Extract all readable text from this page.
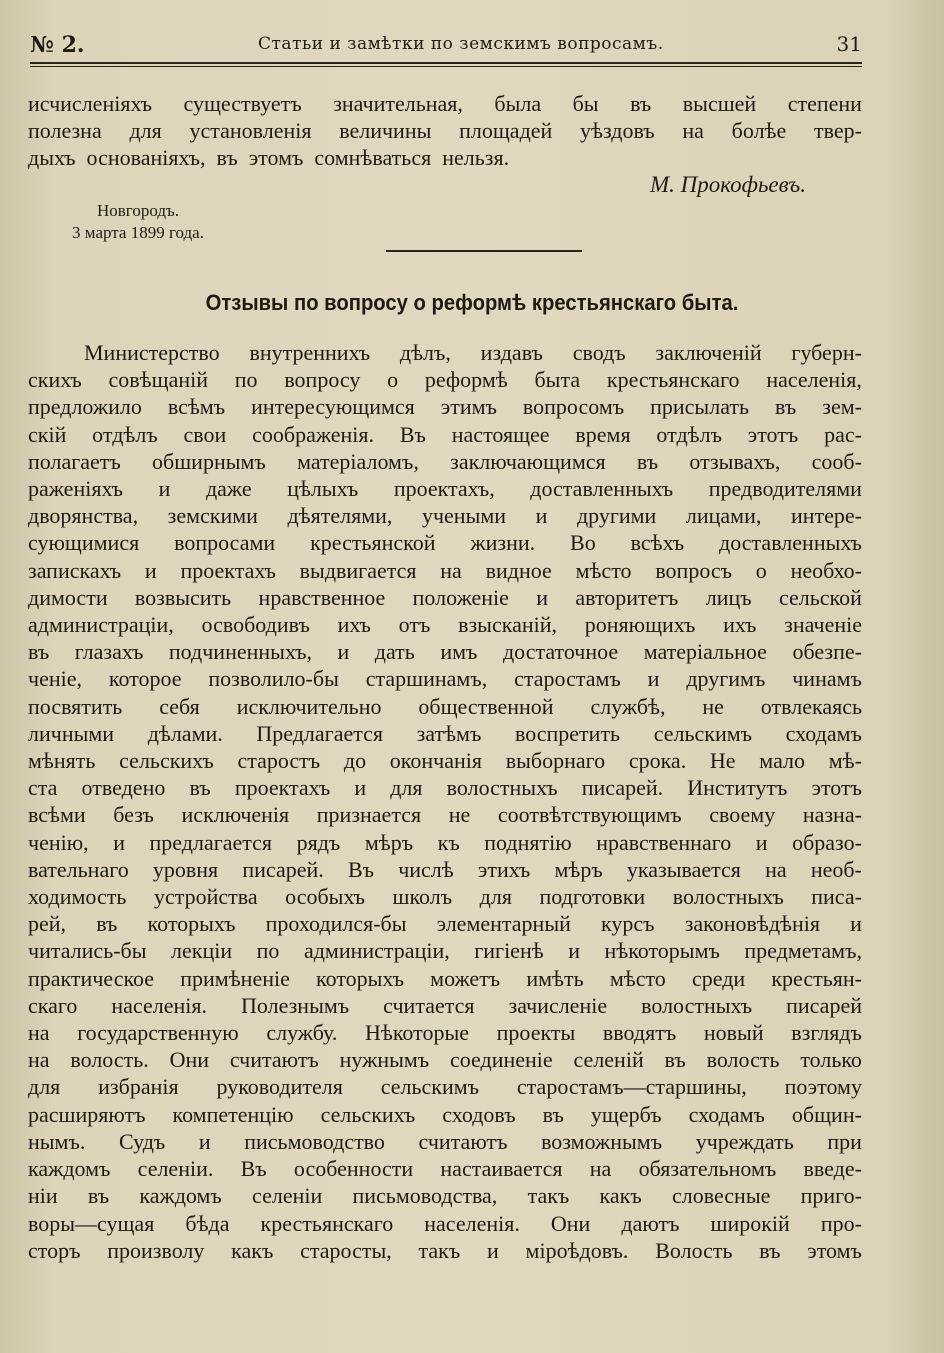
№ 2.	Статьи и замѣтки по земскимъ вопросамъ.	31
исчисленіяхъ существуетъ значительная, была бы въ высшей степени
полезна для установленія величины площадей уѣздовъ на болѣе твер-
дыхъ основаніяхъ, въ этомъ сомнѣваться нельзя.
М. Прокофьевъ.
Новгородъ.
3 марта 1899 года.
Отзывы по вопросу о реформѣ крестьянскаго быта.
Министерство внутреннихъ дѣлъ, издавъ сводъ заключеній губерн-
скихъ совѣщаній по вопросу о реформѣ быта крестьянскаго населенія,
предложило всѣмъ интересующимся этимъ вопросомъ присылать въ зем-
скій отдѣлъ свои соображенія. Въ настоящее время отдѣлъ этотъ рас-
полагаетъ обширнымъ матеріаломъ, заключающимся въ отзывахъ, сооб-
раженіяхъ и даже цѣлыхъ проектахъ, доставленныхъ предводителями
дворянства, земскими дѣятелями, учеными и другими лицами, интере-
сующимися вопросами крестьянской жизни. Во всѣхъ доставленныхъ
запискахъ и проектахъ выдвигается на видное мѣсто вопросъ о необхо-
димости возвысить нравственное положеніе и авторитетъ лицъ сельской
администраціи, освободивъ ихъ отъ взысканій, роняющихъ ихъ значеніе
въ глазахъ подчиненныхъ, и дать имъ достаточное матеріальное обезпе-
ченіе, которое позволило-бы старшинамъ, старостамъ и другимъ чинамъ
посвятить себя исключительно общественной службѣ, не отвлекаясь
личными дѣлами. Предлагается затѣмъ воспретить сельскимъ сходамъ
мѣнять сельскихъ старостъ до окончанія выборнаго срока. Не мало мѣ-
ста отведено въ проектахъ и для волостныхъ писарей. Институтъ этотъ
всѣми безъ исключенія признается не соотвѣтствующимъ своему назна-
ченію, и предлагается рядъ мѣръ къ поднятію нравственнаго и образо-
вательнаго уровня писарей. Въ числѣ этихъ мѣръ указывается на необ-
ходимость устройства особыхъ школъ для подготовки волостныхъ писа-
рей, въ которыхъ проходился-бы элементарный курсъ законовѣдѣнія и
читались-бы лекціи по администраціи, гигіенѣ и нѣкоторымъ предметамъ,
практическое примѣненіе которыхъ можетъ имѣть мѣсто среди крестьян-
скаго населенія. Полезнымъ считается зачисленіе волостныхъ писарей
на государственную службу. Нѣкоторые проекты вводятъ новый взглядъ
на волость. Они считаютъ нужнымъ соединеніе селеній въ волость только
для избранія руководителя сельскимъ старостамъ—старшины, поэтому
расширяютъ компетенцію сельскихъ сходовъ въ ущербъ сходамъ общин-
нымъ. Судъ и письмоводство считаютъ возможнымъ учреждать при
каждомъ селеніи. Въ особенности настаивается на обязательномъ введе-
ніи въ каждомъ селеніи письмоводства, такъ какъ словесные приго-
воры—сущая бѣда крестьянскаго населенія. Они даютъ широкій про-
сторъ произволу какъ старосты, такъ и міроѣдовъ. Волость въ этомъ
